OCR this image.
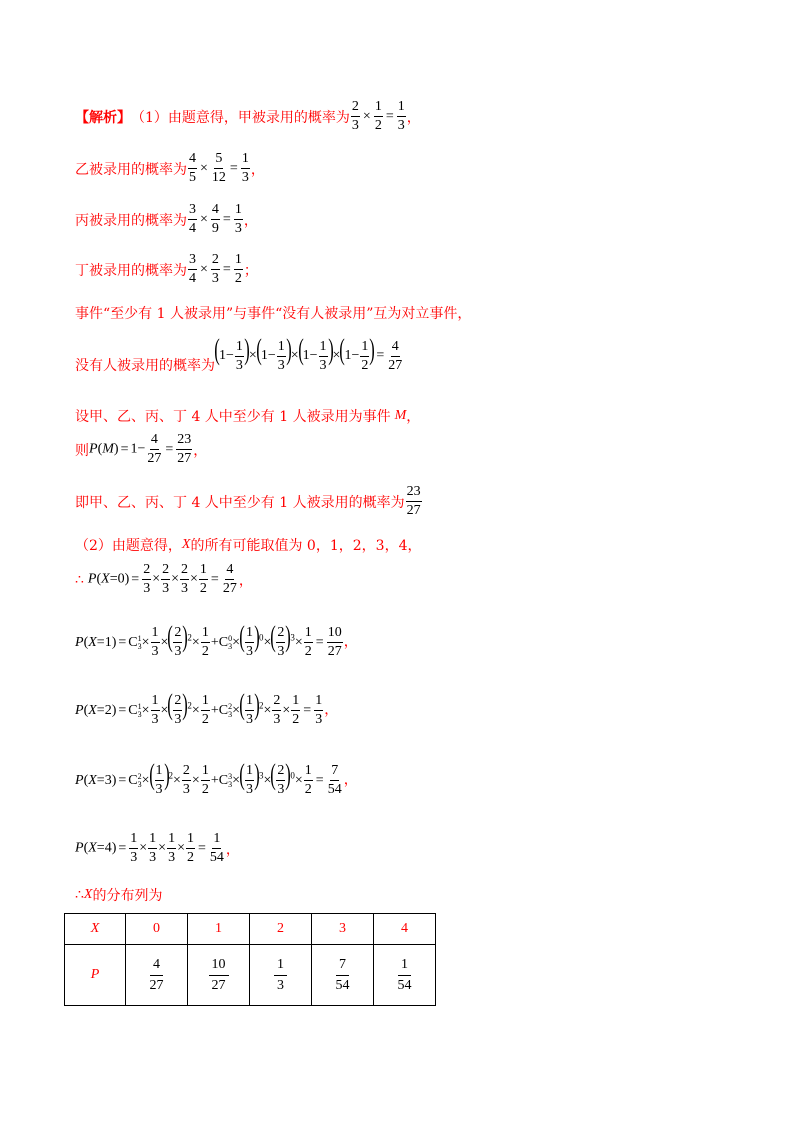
【解析】 （1）由题意得，甲被录用的概率为 $\frac{2}{3} \times \frac{1}{2} = \frac{1}{3}$ ，
乙被录用的概率为 $\frac{4}{5} \times \frac{5}{12} = \frac{1}{3}$ ，
丙被录用的概率为 $\frac{3}{4} \times \frac{4}{9} = \frac{1}{3}$ ，
丁被录用的概率为 $\frac{3}{4} \times \frac{2}{3} = \frac{1}{2}$ ；
事件“至少有 1 人被录用”与事件“没有人被录用”互为对立事件，
没有人被录用的概率为 $(1- \frac{1}{3} )\times(1- \frac{1}{3} )\times(1- \frac{1}{3} )\times(1- \frac{1}{2}$ )= $\frac{4}{27}$
设甲、乙、丙、丁 4 人中至少有 1 人被录用为事件 M ，
则 $P(M) = 1- \frac{4}{27} = \frac{23}{27}$ ，
即甲、乙、丙、丁 4 人中至少有 1 人被录用的概率为 $\frac{23}{27}$
（2）由题意得， X 的所有可能取值为 0，1，2，3，4，
∴ $P(X=0) = \frac{2}{3} \times \frac{2}{3} \times \frac{2}{3} \times \frac{1}{2} = \frac{4}{27}$ ，
P(X=1) = C 1
$3 \times \frac{1}{3}$ ×( $\frac{2}{3} )^2\times \frac{1}{2} +C$ 0
3 ×( $\frac{1}{3} )^0\times( \frac{2}{3} )^3\times \frac{1}{2} = \frac{10}{27}$ ，
P(X=2) = C 1
$3 \times \frac{1}{3}$ ×( $\frac{2}{3} )^2\times \frac{1}{2} +C$ 2
3 ×( $\frac{1}{3} )^2\times \frac{2}{3} \times \frac{1}{2} = \frac{1}{3}$ ，
P(X=3) = C 2
3 ×( $\frac{1}{3} )^2\times \frac{2}{3} \times \frac{1}{2} +C$ 3
3 ×( $\frac{1}{3} )^3\times( \frac{2}{3} )^0\times \frac{1}{2} = \frac{7}{54}$ ，
$P(X=4) = \frac{1}{3} \times \frac{1}{3} \times \frac{1}{3} \times \frac{1}{2} = \frac{1}{54}$ ，
∴ X 的分布列为
X	0	1	2	3	4
P	$\frac{4}{27}$	$\frac{10}{27}$	$\frac{1}{3}$	$\frac{7}{54}$	$\frac{1}{54}$
